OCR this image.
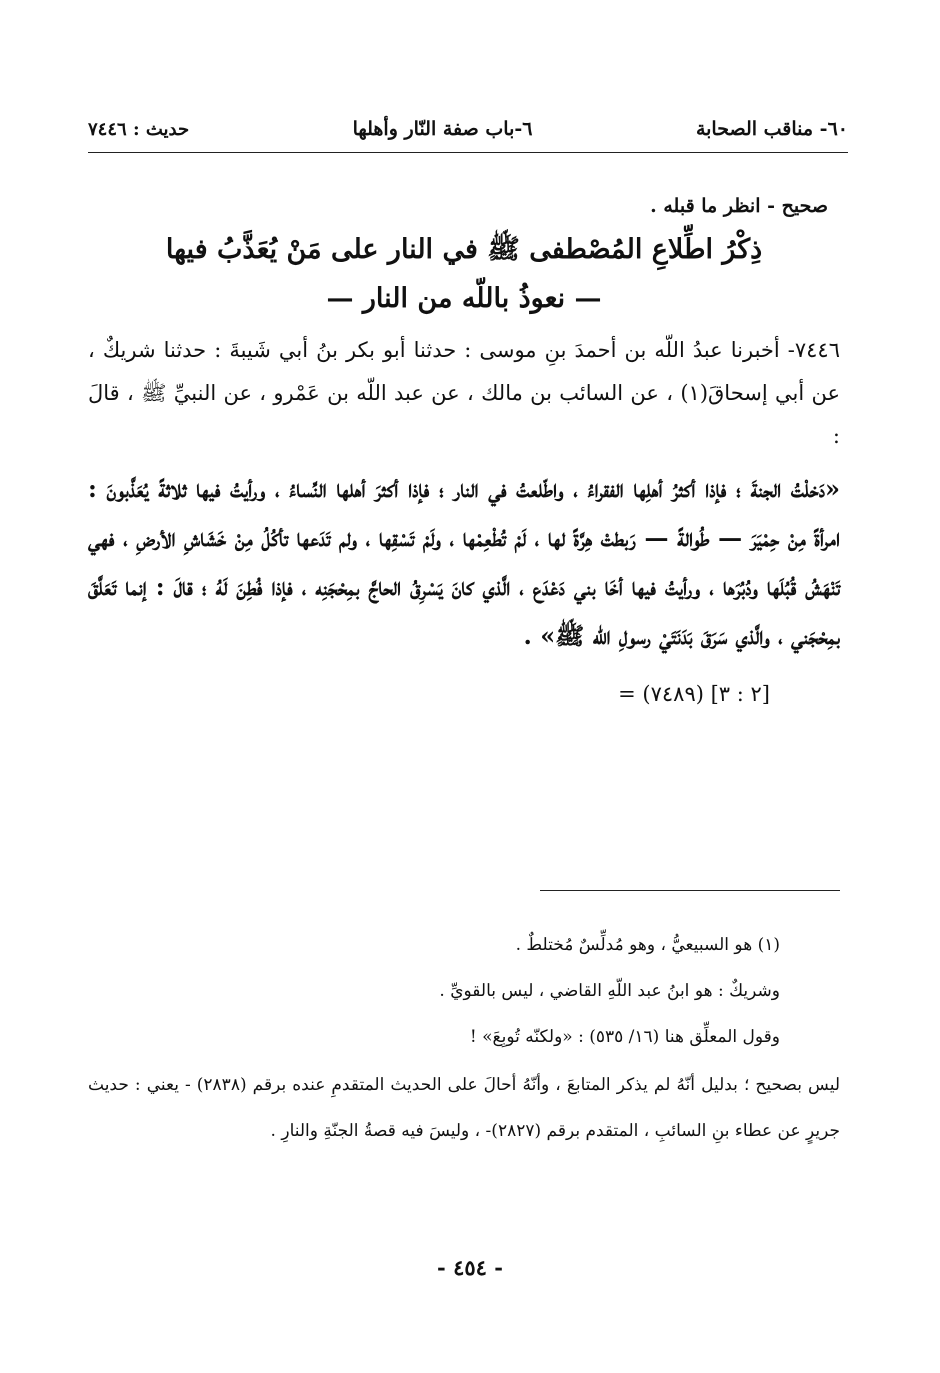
٦٠- مناقب الصحابة
٦-باب صفة النّار وأهلها
حديث : ٧٤٤٦
صحيح - انظر ما قبله .
ذِكْرُ اطِّلاعِ المُصْطفى ﷺ في النار على مَنْ يُعَذَّبُ فيها
— نعوذُ باللّه من النار —
٧٤٤٦- أخبرنا عبدُ اللّه بن أحمدَ بنِ موسى : حدثنا أبو بكر بنُ أبي شَيبةَ : حدثنا شريكٌ ، عن أبي إسحاقَ(١) ، عن السائب بن مالك ، عن عبد اللّه بن عَمْرو ، عن النبيِّ ﷺ ، قالَ :
«دَخلْتُ الجنةَ ؛ فإذا أكثرُ أهلِها الفقراءُ ، واطّلعتُ في النار ؛ فإذا أكثرَ أهلها النِّساءُ ، ورأيتُ فيها ثلاثةً يُعَذَّبونَ : امرأةً مِنْ حِمْيَرَ — طُوالةً — رَبطتْ هِرَّةً لها ، لَمْ تُطْعِمْها ، ولَمْ تَسْقِها ، ولم تَدَعها تأكُلُ مِنْ خَشَاشِ الأرضِ ، فهي تَنْهَشُ قُبُلَها ودُبُرَها ، ورأيتُ فيها أخَا بني دَعْدَع ، الَّذي كانَ يَسْرِقُ الحاجَّ بمِحْجَنِه ، فإذا فُطِنَ لَهُ ؛ قالَ : إنما تَعَلَّقَ بمِحْجَني ، والَّذي سَرَقَ بَدَنَتَيْ رسولِ اللّه ﷺ» .
= (٧٤٨٩) [٢ : ٣]
(١) هو السبيعيُّ ، وهو مُدلِّسٌ مُختلطٌ .
وشريكٌ : هو ابنُ عبد اللّهِ القاضي ، ليس بالقويِّ .
وقول المعلِّق هنا (١٦/ ٥٣٥) : «ولكنّه تُوبِعَ» !
ليس بصحيح ؛ بدليل أنّهُ لم يذكر المتابعَ ، وأنّهُ أحالَ على الحديث المتقدمِ عنده برقم (٢٨٣٨) - يعني : حديث جريرٍ عن عطاء بنِ السائبِ ، المتقدم برقم (٢٨٢٧)- ، وليسَ فيه قصةُ الجنّةِ والنارِ .
- ٤٥٤ -
